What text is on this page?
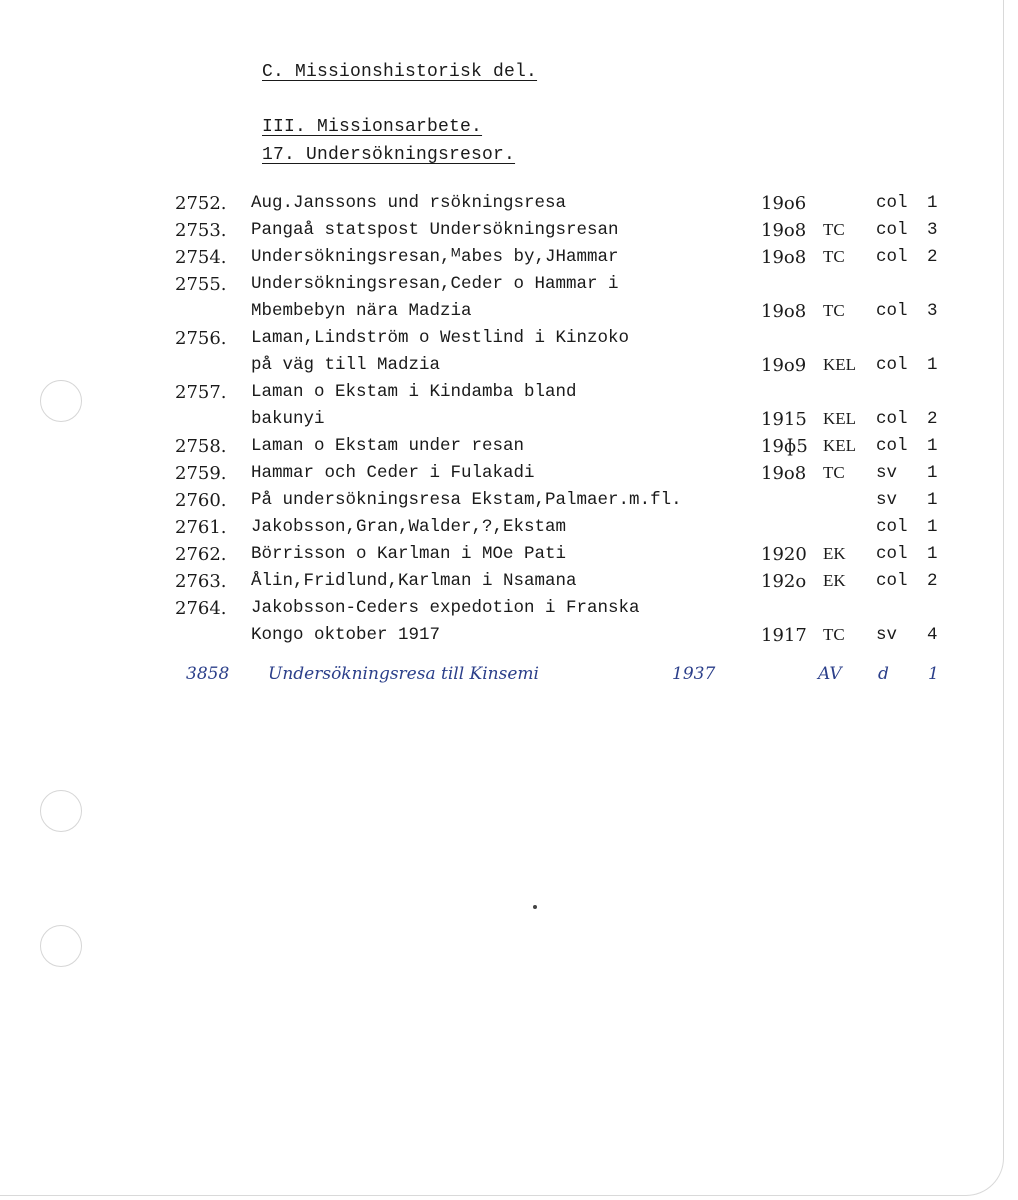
C. Missionshistorisk del.
III. Missionsarbete.
17. Undersökningsresor.
2752. Aug.Janssons und rsökningsresa	19o6	col 1
2753. Pangaå statspost Undersökningsresan	19o8 TC col 3
2754. Undersökningsresan,ᴹabes by,JHammar	19o8 TC col 2
2755. Undersökningsresan,Ceder o Hammar i
Mbembebyn nära Madzia	19o8 TC col 3
2756. Laman,Lindström o Westlind i Kinzoko
på väg till Madzia	19o9 KEL col 1
2757. Laman o Ekstam i Kindamba bland
bakunyi	1915 KEL col 2
2758. Laman o Ekstam under resan	19ɸ5 KEL col 1
2759. Hammar och Ceder i Fulakadi	19o8 TC sv 1
2760. På undersökningsresa Ekstam,Palmaer.m.fl.	sv 1
2761. Jakobsson,Gran,Walder,?,Ekstam	col 1
2762. Börrisson o Karlman i MOe Pati	1920 EK col 1
2763. Ålin,Fridlund,Karlman i Nsamana	192o EK col 2
2764. Jakobsson-Ceders expedotion i Franska
Kongo oktober 1917	1917 TC sv 4
3858 Undersökningsresa till Kinsemi	1937	AV d 1
